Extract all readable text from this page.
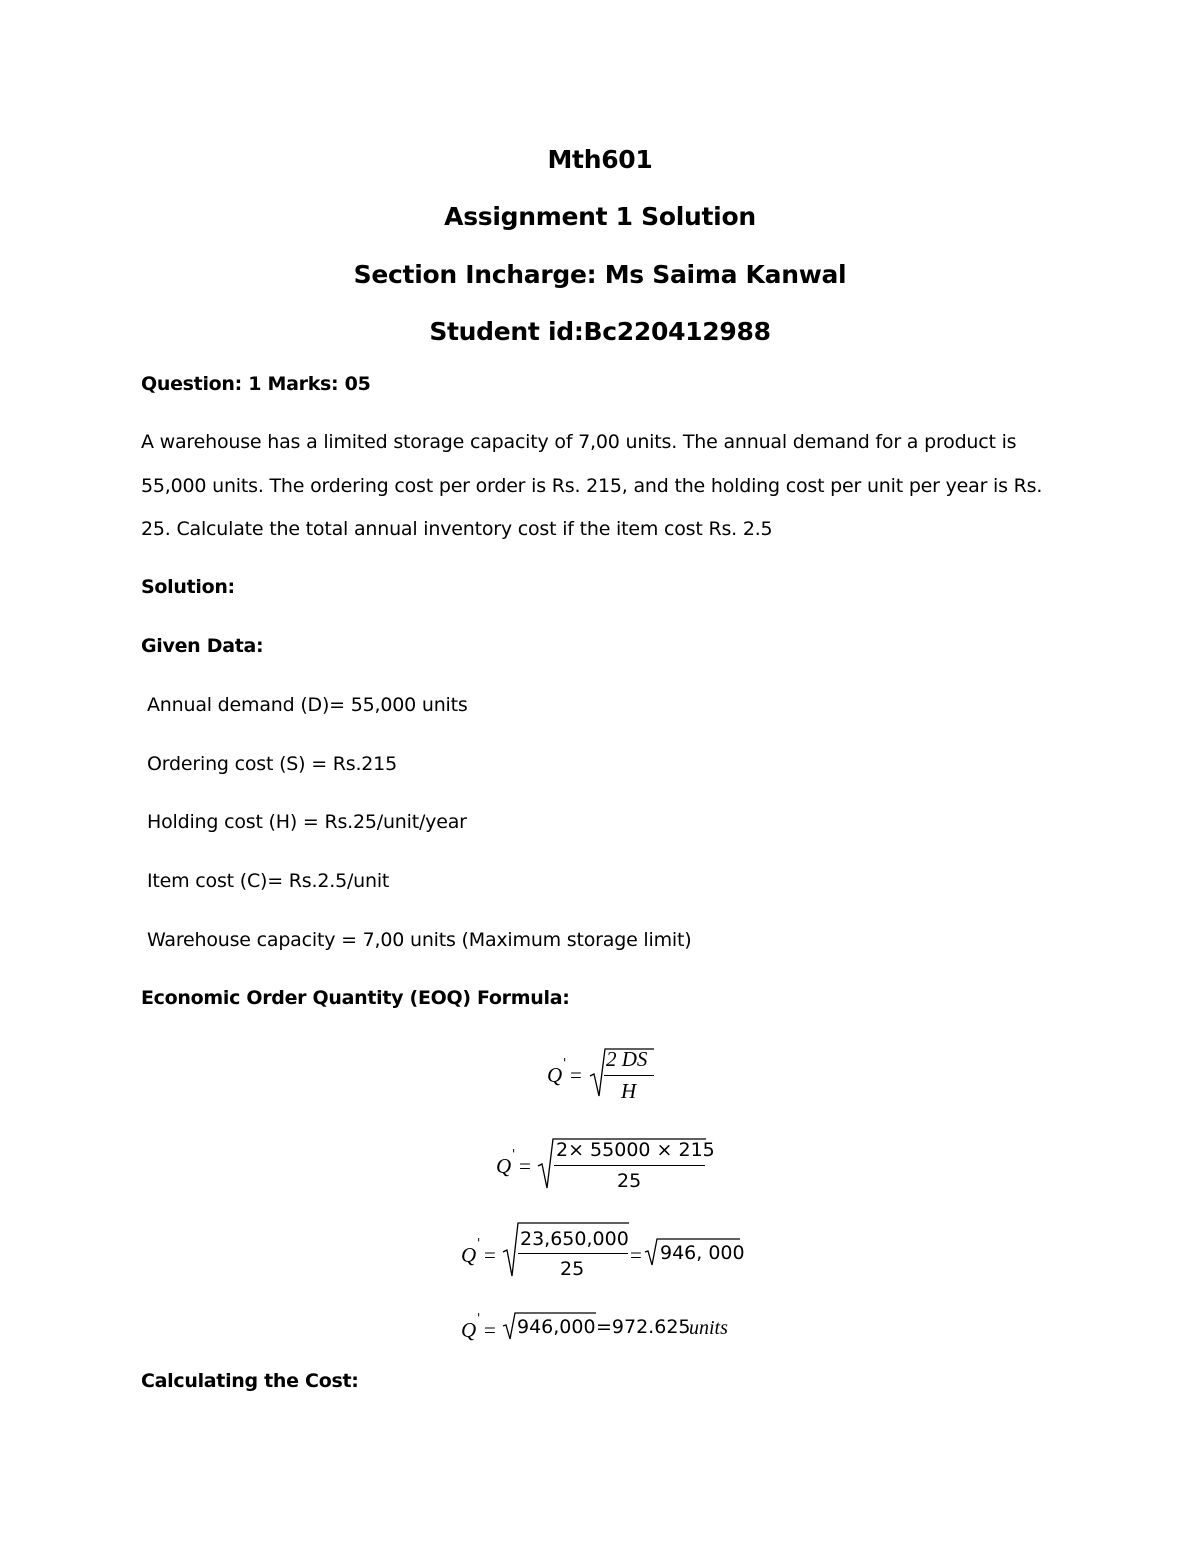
Mth601
Assignment 1 Solution
Section Incharge: Ms Saima Kanwal
Student id:Bc220412988
Question: 1 Marks: 05
A warehouse has a limited storage capacity of 7,00 units. The annual demand for a product is
55,000 units. The ordering cost per order is Rs. 215, and the holding cost per unit per year is Rs.
25. Calculate the total annual inventory cost if the item cost Rs. 2.5
Solution:
Given Data:
Annual demand (D)= 55,000 units
Ordering cost (S) = Rs.215
Holding cost (H) = Rs.25/unit/year
Item cost (C)= Rs.2.5/unit
Warehouse capacity = 7,00 units (Maximum storage limit)
Economic Order Quantity (EOQ) Formula:
Q ' =
2 DS
H
Q ' =
2× 55000 × 215
25
Q ' =
23,650,000
25
= 946, 000
Q ' = 946,000 =972.625
units
Calculating the Cost:
